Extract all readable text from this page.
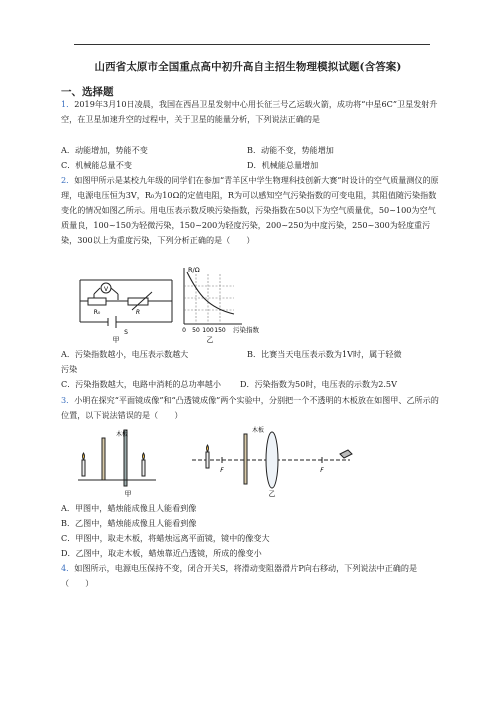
山西省太原市全国重点高中初升高自主招生物理模拟试题(含答案)
一、选择题

1．2019年3月10日凌晨，我国在西昌卫星发射中心用长征三号乙运载火箭，成功将“中星6C”卫星发射升空，在卫星加速升空的过程中，关于卫星的能量分析，下列说法正确的是

A．动能增加，势能不变	B．动能不变，势能增加
C．机械能总量不变	D．机械能总量增加

2．如图甲所示是某校九年级的同学们在参加“青羊区中学生物理科技创新大赛”时设计的空气质量测仪的原理，电源电压恒为3V，R₀为10Ω的定值电阻，R为可以感知空气污染指数的可变电阻，其阻值随污染指数变化的情况如图乙所示。用电压表示数反映污染指数，污染指数在50以下为空气质量优，50~100为空气质量良，100~150为轻微污染，150~200为轻度污染，200~250为中度污染，250~300为轻度重污染，300以上为重度污染，下列分析正确的是（　　）

V
R₀	R
S
甲
R/Ω
0 50 100 150 污染指数
乙
A．污染指数越小，电压表示数越大	B．比赛当天电压表示数为1V时，属于轻微
污染
C．污染指数越大，电路中消耗的总功率越小 D．污染指数为50时，电压表的示数为2.5V

3．小明在探究“平面镜成像”和“凸透镜成像”两个实验中，分别把一个不透明的木板放在如图甲、乙所示的位置，以下说法错误的是（　　）

木板
甲
木板
F	F
乙
A．甲图中，蜡烛能成像且人能看到像
B．乙图中，蜡烛能成像且人能看到像
C．甲图中，取走木板，将蜡烛远离平面镜，镜中的像变大
D．乙图中，取走木板，蜡烛靠近凸透镜，所成的像变小

4．如图所示，电源电压保持不变，闭合开关S，将滑动变阻器滑片P向右移动，下列说法中正确的是（　　）
